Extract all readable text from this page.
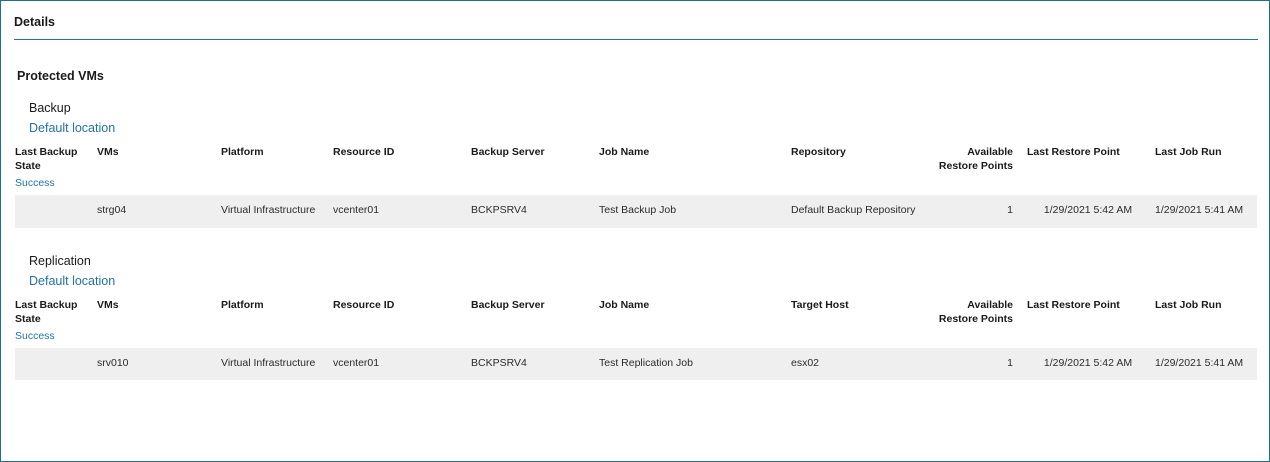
Details
Protected VMs
Backup
Default location
Last Backup State	VMs	Platform	Resource ID	Backup Server	Job Name	Repository	Available Restore Points	Last Restore Point	Last Job Run
Success									
	strg04	Virtual Infrastructure	vcenter01	BCKPSRV4	Test Backup Job	Default Backup Repository	1	1/29/2021 5:42 AM	1/29/2021 5:41 AM
Replication
Default location
Last Backup State	VMs	Platform	Resource ID	Backup Server	Job Name	Target Host	Available Restore Points	Last Restore Point	Last Job Run
Success									
	srv010	Virtual Infrastructure	vcenter01	BCKPSRV4	Test Replication Job	esx02	1	1/29/2021 5:42 AM	1/29/2021 5:41 AM
